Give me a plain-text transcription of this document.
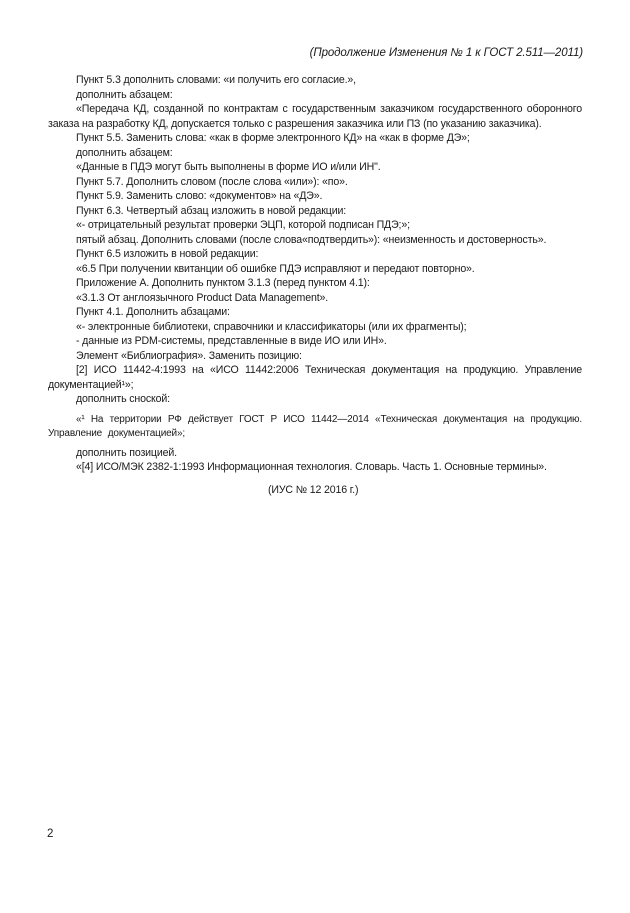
(Продолжение Изменения № 1 к ГОСТ 2.511—2011)

Пункт 5.3 дополнить словами: «и получить его согласие.»,

дополнить абзацем:

«Передача КД, созданной по контрактам с государственным заказчиком государственного оборонного заказа на разработку КД, допускается только с разрешения заказчика или ПЗ (по указанию заказчика).

Пункт 5.5. Заменить слова: «как в форме электронного КД» на «как в форме ДЭ»;

дополнить абзацем:

«Данные в ПДЭ могут быть выполнены в форме ИО и/или ИН".

Пункт 5.7. Дополнить словом (после слова «или»): «по».

Пункт 5.9. Заменить слово: «документов» на «ДЭ».

Пункт 6.3. Четвертый абзац изложить в новой редакции:

«- отрицательный результат проверки ЭЦП, которой подписан ПДЭ;»;

пятый абзац. Дополнить словами (после слова«подтвердить»): «неизменность и достоверность».

Пункт 6.5 изложить в новой редакции:

«6.5 При получении квитанции об ошибке ПДЭ исправляют и передают повторно».

Приложение А. Дополнить пунктом 3.1.3 (перед пунктом 4.1):

«3.1.3 От англоязычного Product Data Management».

Пункт 4.1. Дополнить абзацами:

«- электронные библиотеки, справочники и классификаторы (или их фрагменты);

- данные из PDM-системы, представленные в виде ИО или ИН».

Элемент «Библиография». Заменить позицию:

[2] ИСО 11442-4:1993 на «ИСО 11442:2006 Техническая документация на продукцию. Управление документацией¹»;

дополнить сноской:

«¹ На территории РФ действует ГОСТ Р ИСО 11442—2014 «Техническая документация на продукцию. Управление документацией»;

дополнить позицией.

«[4] ИСО/МЭК 2382-1:1993 Информационная технология. Словарь. Часть 1. Основные термины».

(ИУС № 12 2016 г.)
2
